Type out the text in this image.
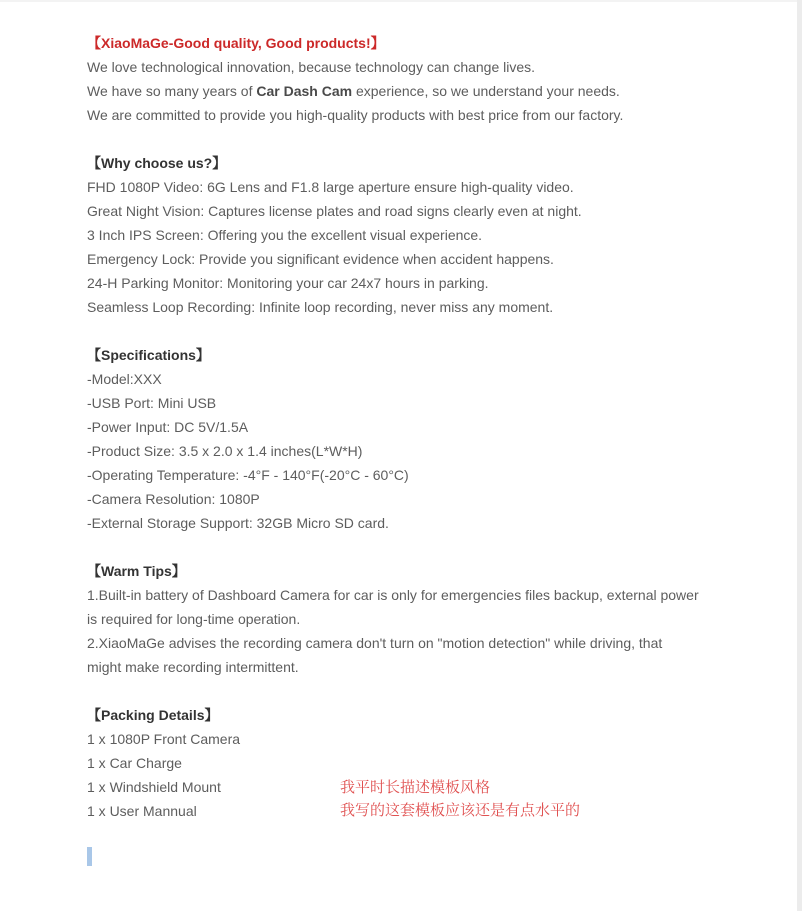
【XiaoMaGe-Good quality, Good products!】

We love technological innovation, because technology can change lives.

We have so many years of Car Dash Cam experience, so we understand your needs.

We are committed to provide you high-quality products with best price from our factory.

【Why choose us?】

FHD 1080P Video: 6G Lens and F1.8 large aperture ensure high-quality video.

Great Night Vision: Captures license plates and road signs clearly even at night.

3 Inch IPS Screen: Offering you the excellent visual experience.

Emergency Lock: Provide you significant evidence when accident happens.

24-H Parking Monitor: Monitoring your car 24x7 hours in parking.

Seamless Loop Recording: Infinite loop recording, never miss any moment.

【Specifications】

-Model:XXX

-USB Port: Mini USB

-Power Input: DC 5V/1.5A

-Product Size: 3.5 x 2.0 x 1.4 inches(L*W*H)

-Operating Temperature: -4°F - 140°F(-20°C - 60°C)

-Camera Resolution: 1080P

-External Storage Support: 32GB Micro SD card.

【Warm Tips】

1.Built-in battery of Dashboard Camera for car is only for emergencies files backup, external power is required for long-time operation.

2.XiaoMaGe advises the recording camera don't turn on "motion detection" while driving, that might make recording intermittent.

【Packing Details】

1 x 1080P Front Camera

1 x Car Charge

1 x Windshield Mount

1 x User Mannual

我平时长描述模板风格
我写的这套模板应该还是有点水平的
